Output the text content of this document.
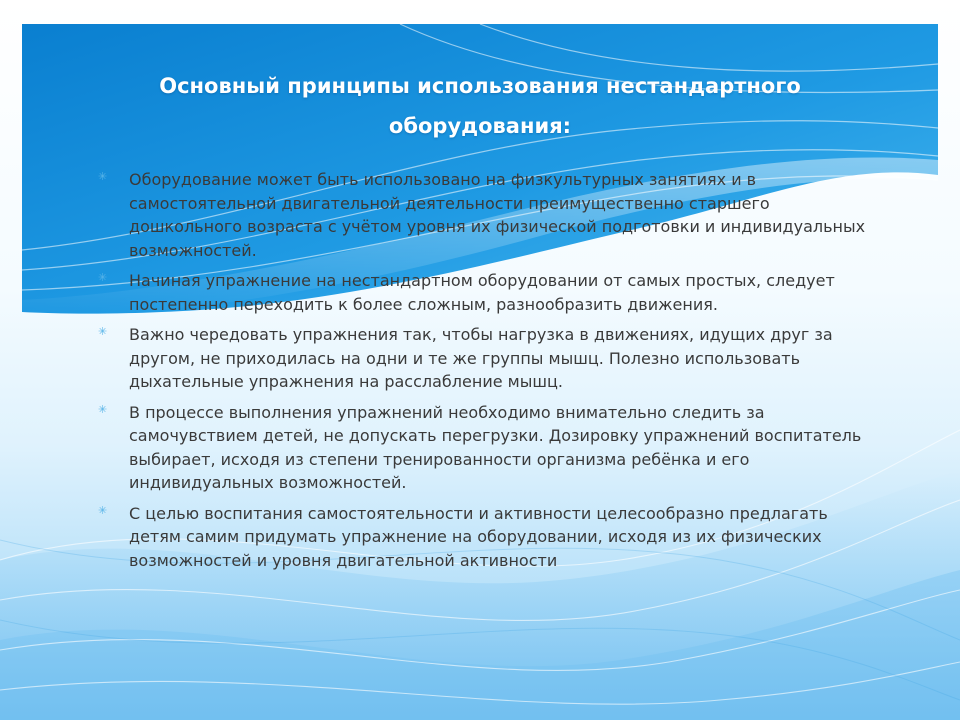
Основный принципы использования нестандартного
оборудования:
✳ Оборудование может быть использовано на физкультурных занятиях и в самостоятельной двигательной деятельности преимущественно старшего дошкольного возраста с учётом уровня их физической подготовки и индивидуальных возможностей.
✳ Начиная упражнение на нестандартном оборудовании от самых простых, следует постепенно переходить к более сложным, разнообразить движения.
✳ Важно чередовать упражнения так, чтобы нагрузка в движениях, идущих друг за другом, не приходилась на одни и те же группы мышц. Полезно использовать дыхательные упражнения на расслабление мышц.
✳ В процессе выполнения упражнений необходимо внимательно следить за самочувствием детей, не допускать перегрузки. Дозировку упражнений воспитатель выбирает, исходя из степени тренированности организма ребёнка и его индивидуальных возможностей.
✳ С целью воспитания самостоятельности и активности целесообразно предлагать детям самим придумать упражнение на оборудовании, исходя из их физических возможностей и уровня двигательной активности
